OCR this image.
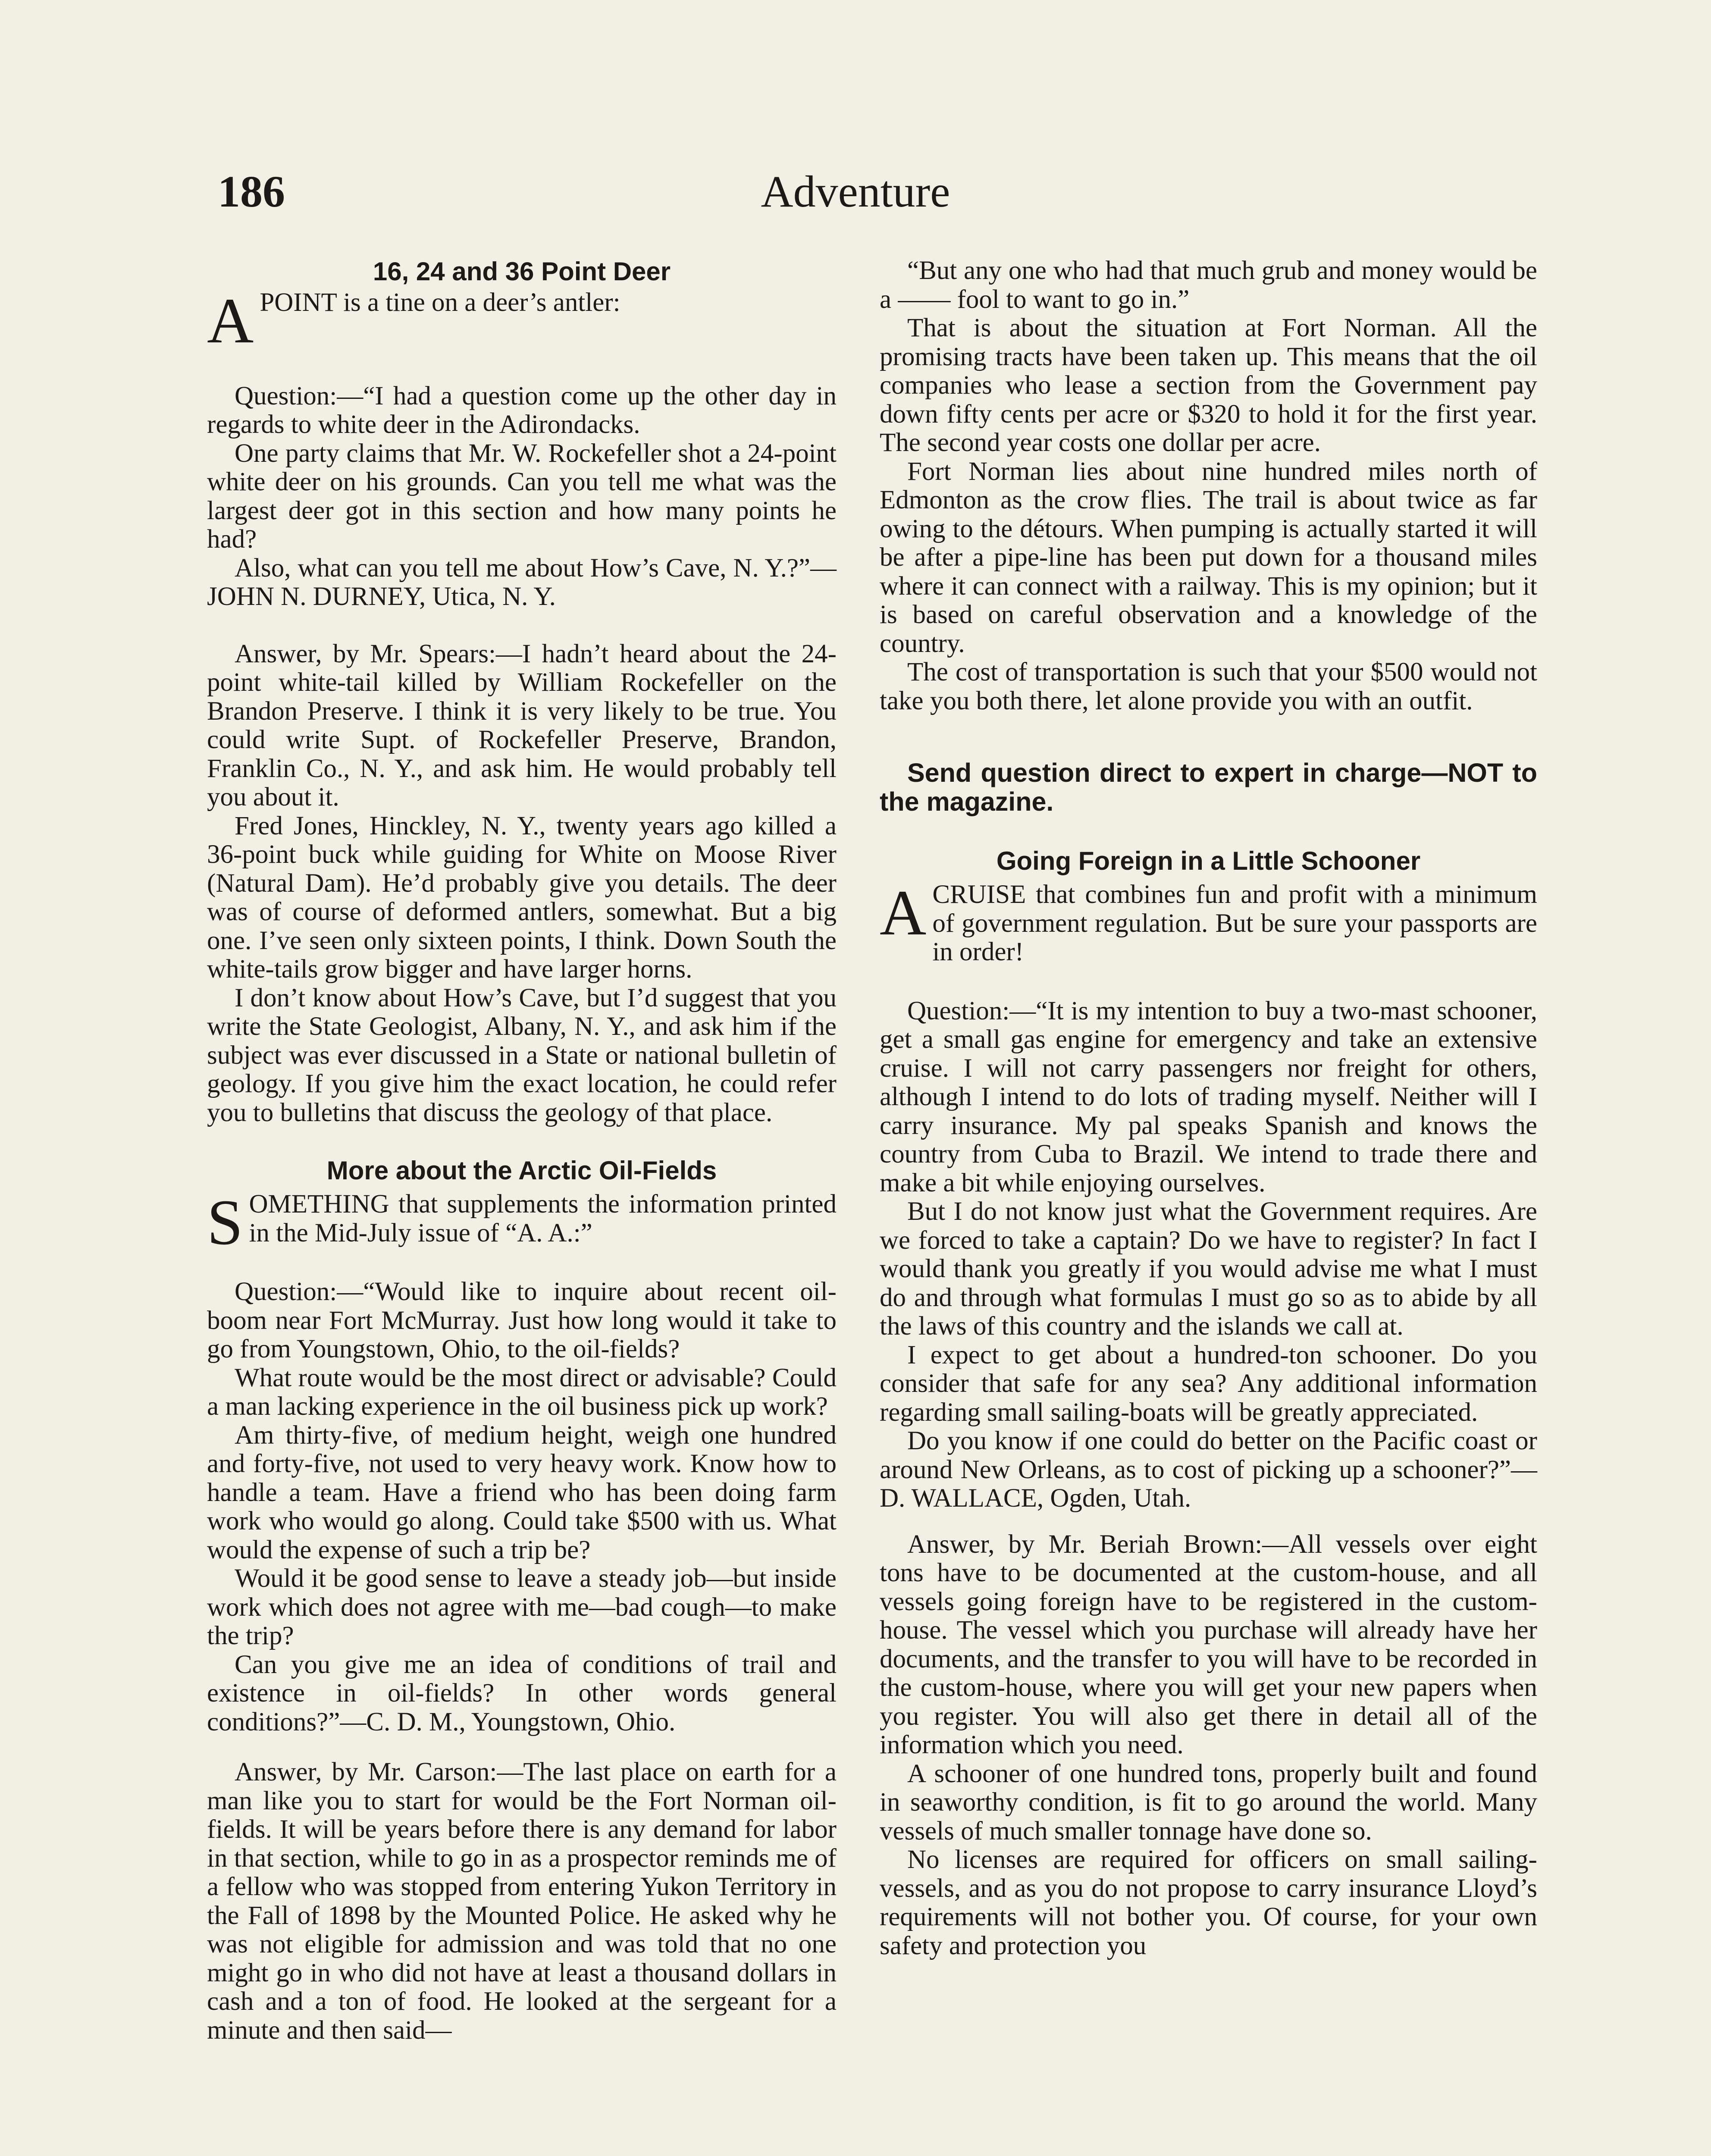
186	Adventure
16, 24 and 36 Point Deer

APOINT is a tine on a deer’s antler:

Question:—“I had a question come up the other day in regards to white deer in the Adirondacks.

One party claims that Mr. W. Rockefeller shot a 24-point white deer on his grounds. Can you tell me what was the largest deer got in this section and how many points he had?

Also, what can you tell me about How’s Cave, N. Y.?”—JOHN N. DURNEY, Utica, N. Y.

Answer, by Mr. Spears:—I hadn’t heard about the 24-point white-tail killed by William Rockefeller on the Brandon Preserve. I think it is very likely to be true. You could write Supt. of Rockefeller Preserve, Brandon, Franklin Co., N. Y., and ask him. He would probably tell you about it.

Fred Jones, Hinckley, N. Y., twenty years ago killed a 36-point buck while guiding for White on Moose River (Natural Dam). He’d probably give you details. The deer was of course of deformed antlers, somewhat. But a big one. I’ve seen only sixteen points, I think. Down South the white-tails grow bigger and have larger horns.

I don’t know about How’s Cave, but I’d suggest that you write the State Geologist, Albany, N. Y., and ask him if the subject was ever discussed in a State or national bulletin of geology. If you give him the exact location, he could refer you to bulletins that discuss the geology of that place.

More about the Arctic Oil-Fields

SOMETHING that supplements the information printed in the Mid-July issue of “A. A.:”

Question:—“Would like to inquire about recent oil-boom near Fort McMurray. Just how long would it take to go from Youngstown, Ohio, to the oil-fields?

What route would be the most direct or advisable? Could a man lacking experience in the oil business pick up work?

Am thirty-five, of medium height, weigh one hundred and forty-five, not used to very heavy work. Know how to handle a team. Have a friend who has been doing farm work who would go along. Could take $500 with us. What would the expense of such a trip be?

Would it be good sense to leave a steady job—but inside work which does not agree with me—bad cough—to make the trip?

Can you give me an idea of conditions of trail and existence in oil-fields? In other words general conditions?”—C. D. M., Youngstown, Ohio.

Answer, by Mr. Carson:—The last place on earth for a man like you to start for would be the Fort Norman oil-fields. It will be years before there is any demand for labor in that section, while to go in as a prospector reminds me of a fellow who was stopped from entering Yukon Territory in the Fall of 1898 by the Mounted Police. He asked why he was not eligible for admission and was told that no one might go in who did not have at least a thousand dollars in cash and a ton of food. He looked at the sergeant for a minute and then said—

“But any one who had that much grub and money would be a —— fool to want to go in.”

That is about the situation at Fort Norman. All the promising tracts have been taken up. This means that the oil companies who lease a section from the Government pay down fifty cents per acre or $320 to hold it for the first year. The second year costs one dollar per acre.

Fort Norman lies about nine hundred miles north of Edmonton as the crow flies. The trail is about twice as far owing to the détours. When pumping is actually started it will be after a pipe-line has been put down for a thousand miles where it can connect with a railway. This is my opinion; but it is based on careful observation and a knowledge of the country.

The cost of transportation is such that your $500 would not take you both there, let alone provide you with an outfit.

Send question direct to expert in charge—NOT to the magazine.

Going Foreign in a Little Schooner

ACRUISE that combines fun and profit with a minimum of government regulation. But be sure your passports are in order!

Question:—“It is my intention to buy a two-mast schooner, get a small gas engine for emergency and take an extensive cruise. I will not carry passengers nor freight for others, although I intend to do lots of trading myself. Neither will I carry insurance. My pal speaks Spanish and knows the country from Cuba to Brazil. We intend to trade there and make a bit while enjoying ourselves.

But I do not know just what the Government requires. Are we forced to take a captain? Do we have to register? In fact I would thank you greatly if you would advise me what I must do and through what formulas I must go so as to abide by all the laws of this country and the islands we call at.

I expect to get about a hundred-ton schooner. Do you consider that safe for any sea? Any additional information regarding small sailing-boats will be greatly appreciated.

Do you know if one could do better on the Pacific coast or around New Orleans, as to cost of picking up a schooner?”—D. WALLACE, Ogden, Utah.

Answer, by Mr. Beriah Brown:—All vessels over eight tons have to be documented at the custom-house, and all vessels going foreign have to be registered in the custom-house. The vessel which you purchase will already have her documents, and the transfer to you will have to be recorded in the custom-house, where you will get your new papers when you register. You will also get there in detail all of the information which you need.

A schooner of one hundred tons, properly built and found in seaworthy condition, is fit to go around the world. Many vessels of much smaller tonnage have done so.

No licenses are required for officers on small sailing-vessels, and as you do not propose to carry insurance Lloyd’s requirements will not bother you. Of course, for your own safety and protection you
